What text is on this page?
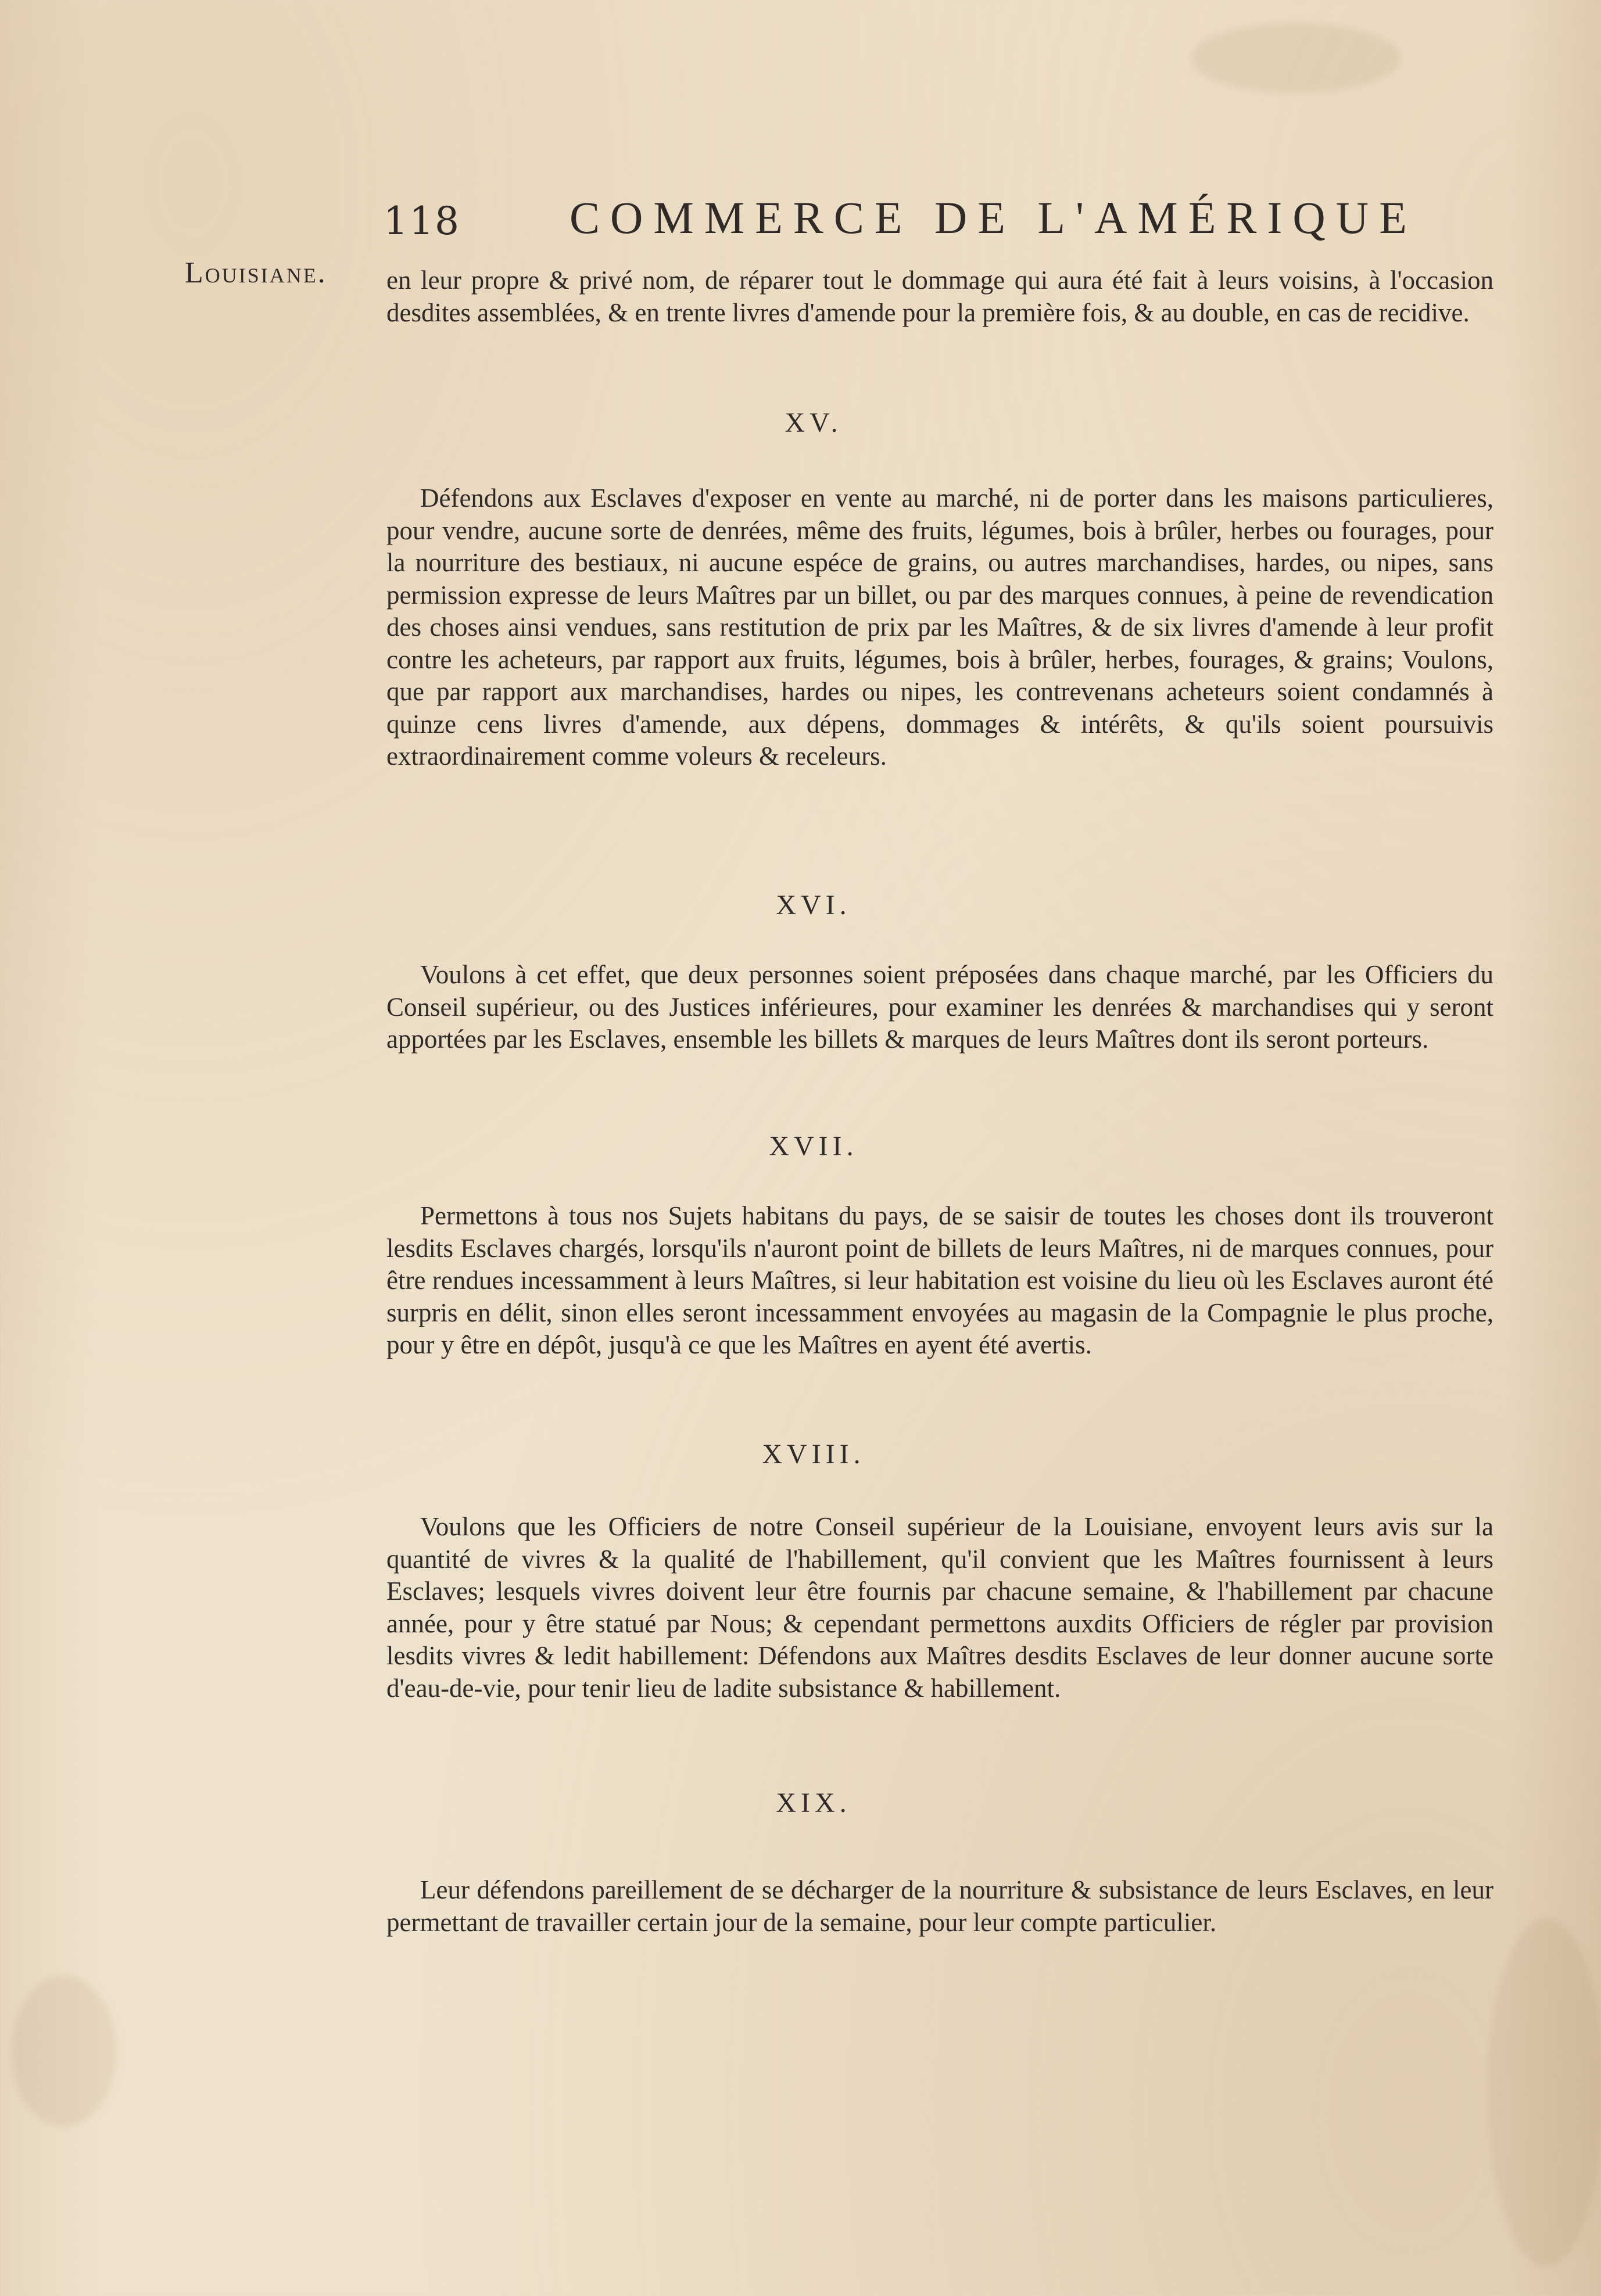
118 COMMERCE DE L'AMÉRIQUE
Louisiane. en leur propre & privé nom, de réparer tout le dommage qui aura été fait à leurs voisins, à l'occasion desdites assemblées, & en trente livres d'amende pour la première fois, & au double, en cas de recidive.

XV.

Défendons aux Esclaves d'exposer en vente au marché, ni de porter dans les maisons particulieres, pour vendre, aucune sorte de denrées, même des fruits, légumes, bois à brûler, herbes ou fourages, pour la nourriture des bestiaux, ni aucune espéce de grains, ou autres marchandises, hardes, ou nipes, sans permission expresse de leurs Maîtres par un billet, ou par des marques connues, à peine de revendication des choses ainsi vendues, sans restitution de prix par les Maîtres, & de six livres d'amende à leur profit contre les acheteurs, par rapport aux fruits, légumes, bois à brûler, herbes, fourages, & grains; Voulons, que par rapport aux marchandises, hardes ou nipes, les contrevenans acheteurs soient condamnés à quinze cens livres d'amende, aux dépens, dommages & intérêts, & qu'ils soient poursuivis extraordinairement comme voleurs & receleurs.

XVI.

Voulons à cet effet, que deux personnes soient préposées dans chaque marché, par les Officiers du Conseil supérieur, ou des Justices inférieures, pour examiner les denrées & marchandises qui y seront apportées par les Esclaves, ensemble les billets & marques de leurs Maîtres dont ils seront porteurs.

XVII.

Permettons à tous nos Sujets habitans du pays, de se saisir de toutes les choses dont ils trouveront lesdits Esclaves chargés, lorsqu'ils n'auront point de billets de leurs Maîtres, ni de marques connues, pour être rendues incessamment à leurs Maîtres, si leur habitation est voisine du lieu où les Esclaves auront été surpris en délit, sinon elles seront incessamment envoyées au magasin de la Compagnie le plus proche, pour y être en dépôt, jusqu'à ce que les Maîtres en ayent été avertis.

XVIII.

Voulons que les Officiers de notre Conseil supérieur de la Louisiane, envoyent leurs avis sur la quantité de vivres & la qualité de l'habillement, qu'il convient que les Maîtres fournissent à leurs Esclaves; lesquels vivres doivent leur être fournis par chacune semaine, & l'habillement par chacune année, pour y être statué par Nous; & cependant permettons auxdits Officiers de régler par provision lesdits vivres & ledit habillement: Défendons aux Maîtres desdits Esclaves de leur donner aucune sorte d'eau-de-vie, pour tenir lieu de ladite subsistance & habillement.

XIX.

Leur défendons pareillement de se décharger de la nourriture & subsistance de leurs Esclaves, en leur permettant de travailler certain jour de la semaine, pour leur compte particulier.
